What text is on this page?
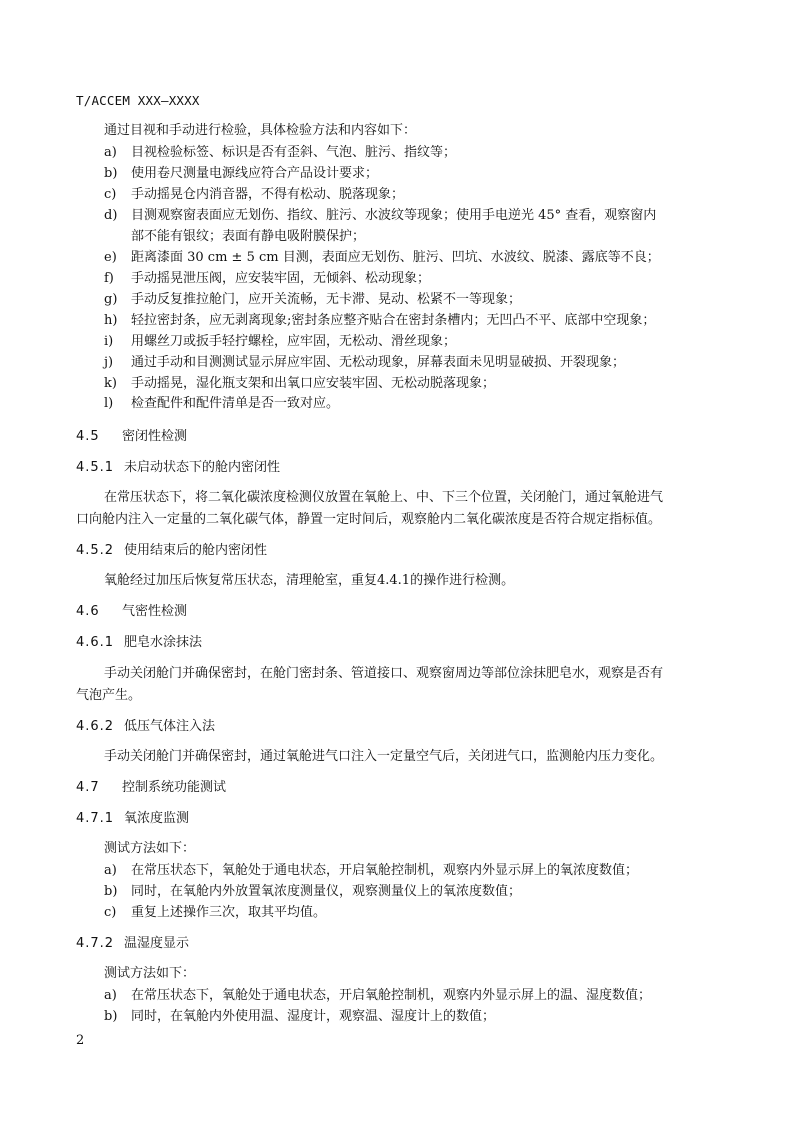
T/ACCEM XXX—XXXX
通过目视和手动进行检验，具体检验方法和内容如下：
a) 目视检验标签、标识是否有歪斜、气泡、脏污、指纹等；
b) 使用卷尺测量电源线应符合产品设计要求；
c) 手动摇晃仓内消音器，不得有松动、脱落现象；
d) 目测观察窗表面应无划伤、指纹、脏污、水波纹等现象；使用手电逆光 45° 查看，观察窗内
部不能有银纹；表面有静电吸附膜保护；
e) 距离漆面 30 cm ± 5 cm 目测，表面应无划伤、脏污、凹坑、水波纹、脱漆、露底等不良；
f) 手动摇晃泄压阀，应安装牢固，无倾斜、松动现象；
g) 手动反复推拉舱门，应开关流畅，无卡滞、晃动、松紧不一等现象；
h) 轻拉密封条，应无剥离现象;密封条应整齐贴合在密封条槽内；无凹凸不平、底部中空现象；
i) 用螺丝刀或扳手轻拧螺栓，应牢固，无松动、滑丝现象；
j) 通过手动和目测测试显示屏应牢固、无松动现象，屏幕表面未见明显破损、开裂现象；
k) 手动摇晃，湿化瓶支架和出氧口应安装牢固、无松动脱落现象；
l) 检查配件和配件清单是否一致对应。
4.5 密闭性检测
4.5.1 未启动状态下的舱内密闭性
在常压状态下，将二氧化碳浓度检测仪放置在氧舱上、中、下三个位置，关闭舱门，通过氧舱进气
口向舱内注入一定量的二氧化碳气体，静置一定时间后，观察舱内二氧化碳浓度是否符合规定指标值。
4.5.2 使用结束后的舱内密闭性
氧舱经过加压后恢复常压状态，清理舱室，重复4.4.1的操作进行检测。
4.6 气密性检测
4.6.1 肥皂水涂抹法
手动关闭舱门并确保密封，在舱门密封条、管道接口、观察窗周边等部位涂抹肥皂水，观察是否有
气泡产生。
4.6.2 低压气体注入法
手动关闭舱门并确保密封，通过氧舱进气口注入一定量空气后，关闭进气口，监测舱内压力变化。
4.7 控制系统功能测试
4.7.1 氧浓度监测
测试方法如下：
a) 在常压状态下，氧舱处于通电状态，开启氧舱控制机，观察内外显示屏上的氧浓度数值；
b) 同时，在氧舱内外放置氧浓度测量仪，观察测量仪上的氧浓度数值；
c) 重复上述操作三次，取其平均值。
4.7.2 温湿度显示
测试方法如下：
a) 在常压状态下，氧舱处于通电状态，开启氧舱控制机，观察内外显示屏上的温、湿度数值；
b) 同时，在氧舱内外使用温、湿度计，观察温、湿度计上的数值；
2
